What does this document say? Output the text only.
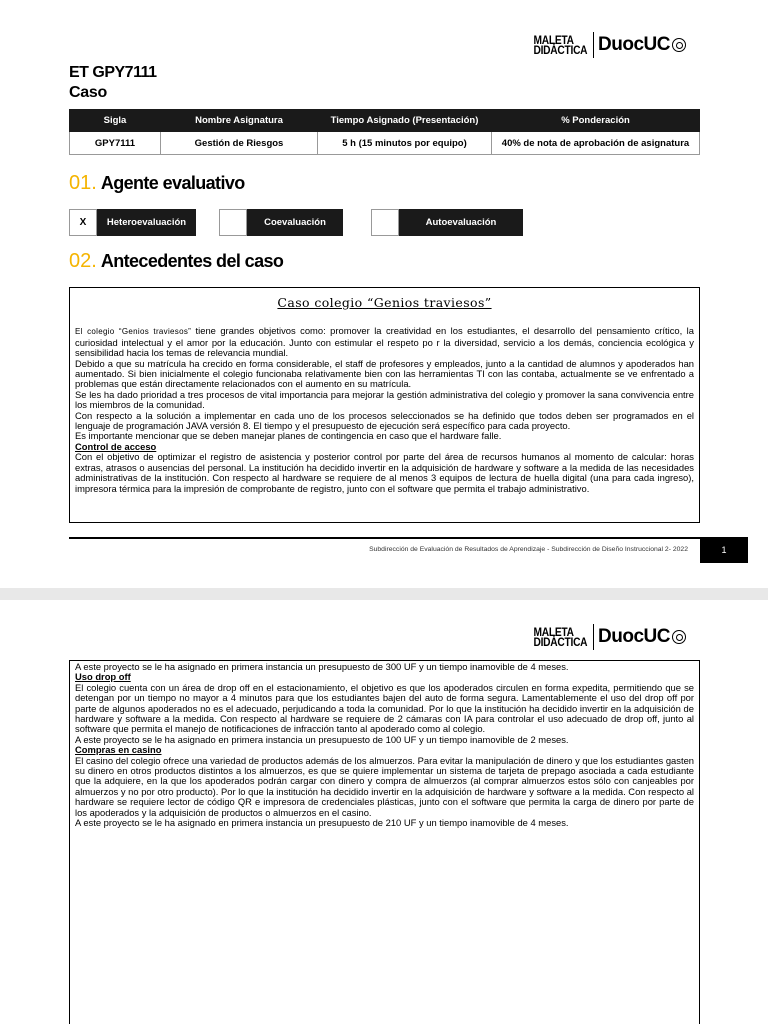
MALETA
DIDÁCTICA DuocUC
ET GPY7111
Caso
Sigla	Nombre Asignatura	Tiempo Asignado (Presentación)	% Ponderación
GPY7111	Gestión de Riesgos	5 h (15 minutos por equipo)	40% de nota de aprobación de asignatura
01. Agente evaluativo
X	Heteroevaluación	Coevaluación	Autoevaluación
02. Antecedentes del caso
Caso colegio “Genios traviesos”

El colegio “Genios traviesos” tiene grandes objetivos como: promover la creatividad en los estudiantes, el desarrollo del pensamiento crítico, la curiosidad intelectual y el amor por la educación. Junto con estimular el respeto po r la diversidad, servicio a los demás, conciencia ecológica y sensibilidad hacia los temas de relevancia mundial.

Debido a que su matrícula ha crecido en forma considerable, el staff de profesores y empleados, junto a la cantidad de alumnos y apoderados han aumentado. Si bien inicialmente el colegio funcionaba relativamente bien con las herramientas TI con las contaba, actualmente se ve enfrentado a problemas que están directamente relacionados con el aumento en su matrícula.

Se les ha dado prioridad a tres procesos de vital importancia para mejorar la gestión administrativa del colegio y promover la sana convivencia entre los miembros de la comunidad.

Con respecto a la solución a implementar en cada uno de los procesos seleccionados se ha definido que todos deben ser programados en el lenguaje de programación JAVA versión 8. El tiempo y el presupuesto de ejecución será específico para cada proyecto.

Es importante mencionar que se deben manejar planes de contingencia en caso que el hardware falle.

Control de acceso

Con el objetivo de optimizar el registro de asistencia y posterior control por parte del área de recursos humanos al momento de calcular: horas extras, atrasos o ausencias del personal. La institución ha decidido invertir en la adquisición de hardware y software a la medida de las necesidades administrativas de la institución. Con respecto al hardware se requiere de al menos 3 equipos de lectura de huella digital (una para cada ingreso), impresora térmica para la impresión de comprobante de registro, junto con el software que permita el trabajo administrativo.

Subdirección de Evaluación de Resultados de Aprendizaje - Subdirección de Diseño Instruccional 2- 2022	1
MALETA
DIDÁCTICA DuocUC

A este proyecto se le ha asignado en primera instancia un presupuesto de 300 UF y un tiempo inamovible de 4 meses.

Uso drop off

El colegio cuenta con un área de drop off en el estacionamiento, el objetivo es que los apoderados circulen en forma expedita, permitiendo que se detengan por un tiempo no mayor a 4 minutos para que los estudiantes bajen del auto de forma segura. Lamentablemente el uso del drop off por parte de algunos apoderados no es el adecuado, perjudicando a toda la comunidad. Por lo que la institución ha decidido invertir en la adquisición de hardware y software a la medida. Con respecto al hardware se requiere de 2 cámaras con IA para controlar el uso adecuado de drop off, junto al software que permita el manejo de notificaciones de infracción tanto al apoderado como al colegio.

A este proyecto se le ha asignado en primera instancia un presupuesto de 100 UF y un tiempo inamovible de 2 meses.

Compras en casino

El casino del colegio ofrece una variedad de productos además de los almuerzos. Para evitar la manipulación de dinero y que los estudiantes gasten su dinero en otros productos distintos a los almuerzos, es que se quiere implementar un sistema de tarjeta de prepago asociada a cada estudiante que la adquiere, en la que los apoderados podrán cargar con dinero y compra de almuerzos (al comprar almuerzos estos sólo con canjeables por almuerzos y no por otro producto). Por lo que la institución ha decidido invertir en la adquisición de hardware y software a la medida. Con respecto al hardware se requiere lector de código QR e impresora de credenciales plásticas, junto con el software que permita la carga de dinero por parte de los apoderados y la adquisición de productos o almuerzos en el casino.

A este proyecto se le ha asignado en primera instancia un presupuesto de 210 UF y un tiempo inamovible de 4 meses.
